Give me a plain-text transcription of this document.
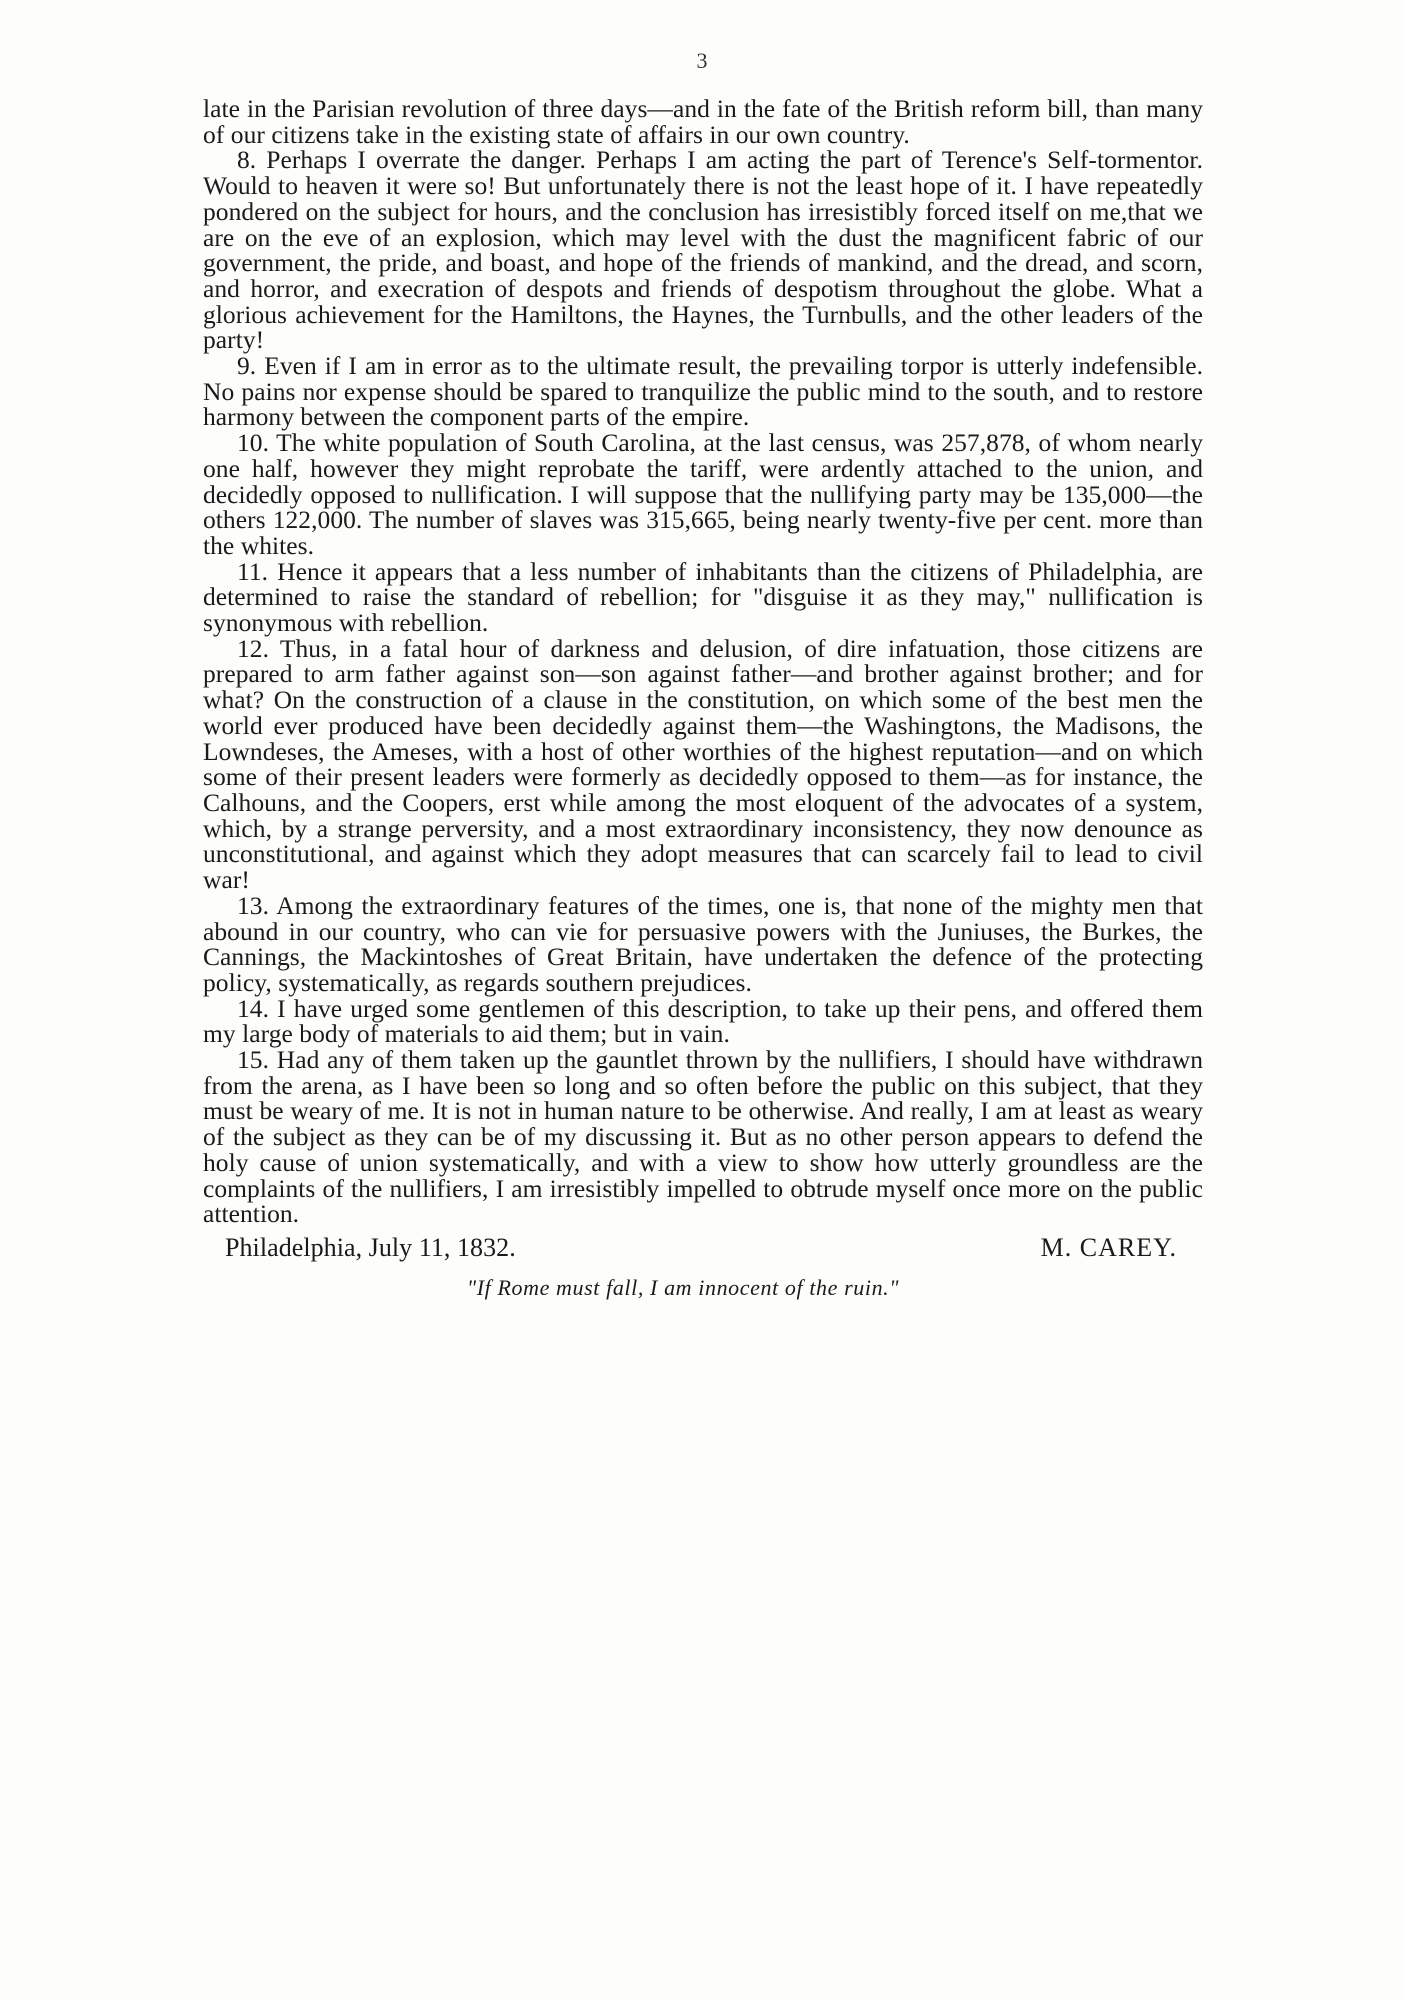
3

late in the Parisian revolution of three days—and in the fate of the British reform bill, than many of our citizens take in the existing state of affairs in our own country.

8. Perhaps I overrate the danger. Perhaps I am acting the part of Terence's Self-tormentor. Would to heaven it were so! But unfortunately there is not the least hope of it. I have repeatedly pondered on the subject for hours, and the conclusion has irresistibly forced itself on me,that we are on the eve of an explosion, which may level with the dust the magnificent fabric of our government, the pride, and boast, and hope of the friends of mankind, and the dread, and scorn, and horror, and execration of despots and friends of despotism throughout the globe. What a glorious achievement for the Hamiltons, the Haynes, the Turnbulls, and the other leaders of the party!

9. Even if I am in error as to the ultimate result, the prevailing torpor is utterly indefensible. No pains nor expense should be spared to tranquilize the public mind to the south, and to restore harmony between the component parts of the empire.

10. The white population of South Carolina, at the last census, was 257,878, of whom nearly one half, however they might reprobate the tariff, were ardently attached to the union, and decidedly opposed to nullification. I will suppose that the nullifying party may be 135,000—the others 122,000. The number of slaves was 315,665, being nearly twenty-five per cent. more than the whites.

11. Hence it appears that a less number of inhabitants than the citizens of Philadelphia, are determined to raise the standard of rebellion; for "disguise it as they may," nullification is synonymous with rebellion.

12. Thus, in a fatal hour of darkness and delusion, of dire infatuation, those citizens are prepared to arm father against son—son against father—and brother against brother; and for what? On the construction of a clause in the constitution, on which some of the best men the world ever produced have been decidedly against them—the Washingtons, the Madisons, the Lowndeses, the Ameses, with a host of other worthies of the highest reputation—and on which some of their present leaders were formerly as decidedly opposed to them—as for instance, the Calhouns, and the Coopers, erst while among the most eloquent of the advocates of a system, which, by a strange perversity, and a most extraordinary inconsistency, they now denounce as unconstitutional, and against which they adopt measures that can scarcely fail to lead to civil war!

13. Among the extraordinary features of the times, one is, that none of the mighty men that abound in our country, who can vie for persuasive powers with the Juniuses, the Burkes, the Cannings, the Mackintoshes of Great Britain, have undertaken the defence of the protecting policy, systematically, as regards southern prejudices.

14. I have urged some gentlemen of this description, to take up their pens, and offered them my large body of materials to aid them; but in vain.

15. Had any of them taken up the gauntlet thrown by the nullifiers, I should have withdrawn from the arena, as I have been so long and so often before the public on this subject, that they must be weary of me. It is not in human nature to be otherwise. And really, I am at least as weary of the subject as they can be of my discussing it. But as no other person appears to defend the holy cause of union systematically, and with a view to show how utterly groundless are the complaints of the nullifiers, I am irresistibly impelled to obtrude myself once more on the public attention.

Philadelphia, July 11, 1832.	M. CAREY.
"If Rome must fall, I am innocent of the ruin."
